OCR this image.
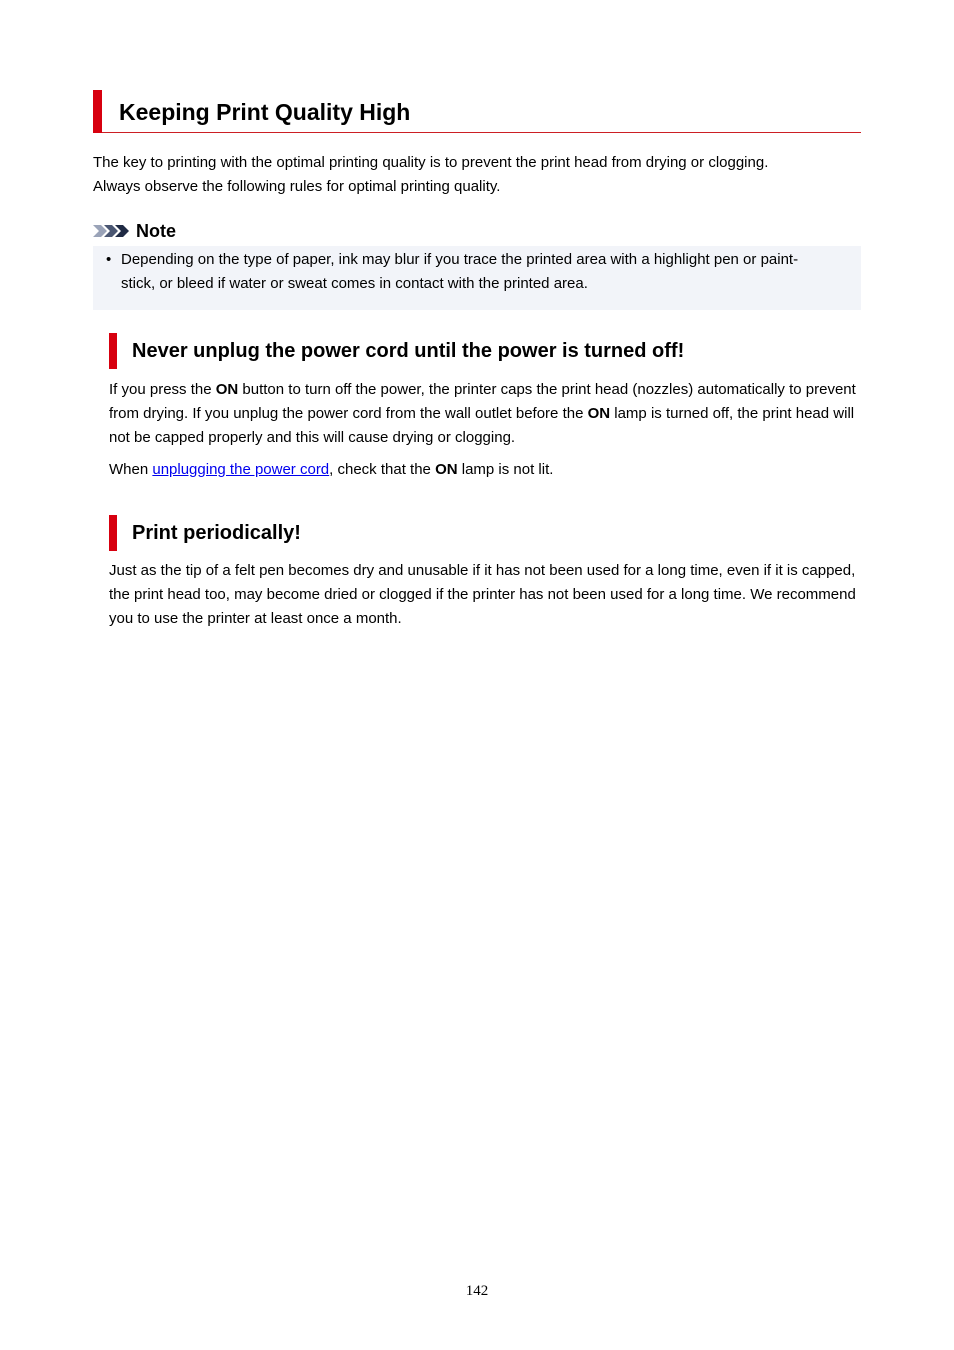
Keeping Print Quality High

The key to printing with the optimal printing quality is to prevent the print head from drying or clogging.
Always observe the following rules for optimal printing quality.

Note
• Depending on the type of paper, ink may blur if you trace the printed area with a highlight pen or paint-stick, or bleed if water or sweat comes in contact with the printed area.
Never unplug the power cord until the power is turned off!

If you press the ON button to turn off the power, the printer caps the print head (nozzles) automatically to prevent from drying. If you unplug the power cord from the wall outlet before the ON lamp is turned off, the print head will not be capped properly and this will cause drying or clogging.

When unplugging the power cord, check that the ON lamp is not lit.

Print periodically!

Just as the tip of a felt pen becomes dry and unusable if it has not been used for a long time, even if it is capped, the print head too, may become dried or clogged if the printer has not been used for a long time. We recommend you to use the printer at least once a month.

142
